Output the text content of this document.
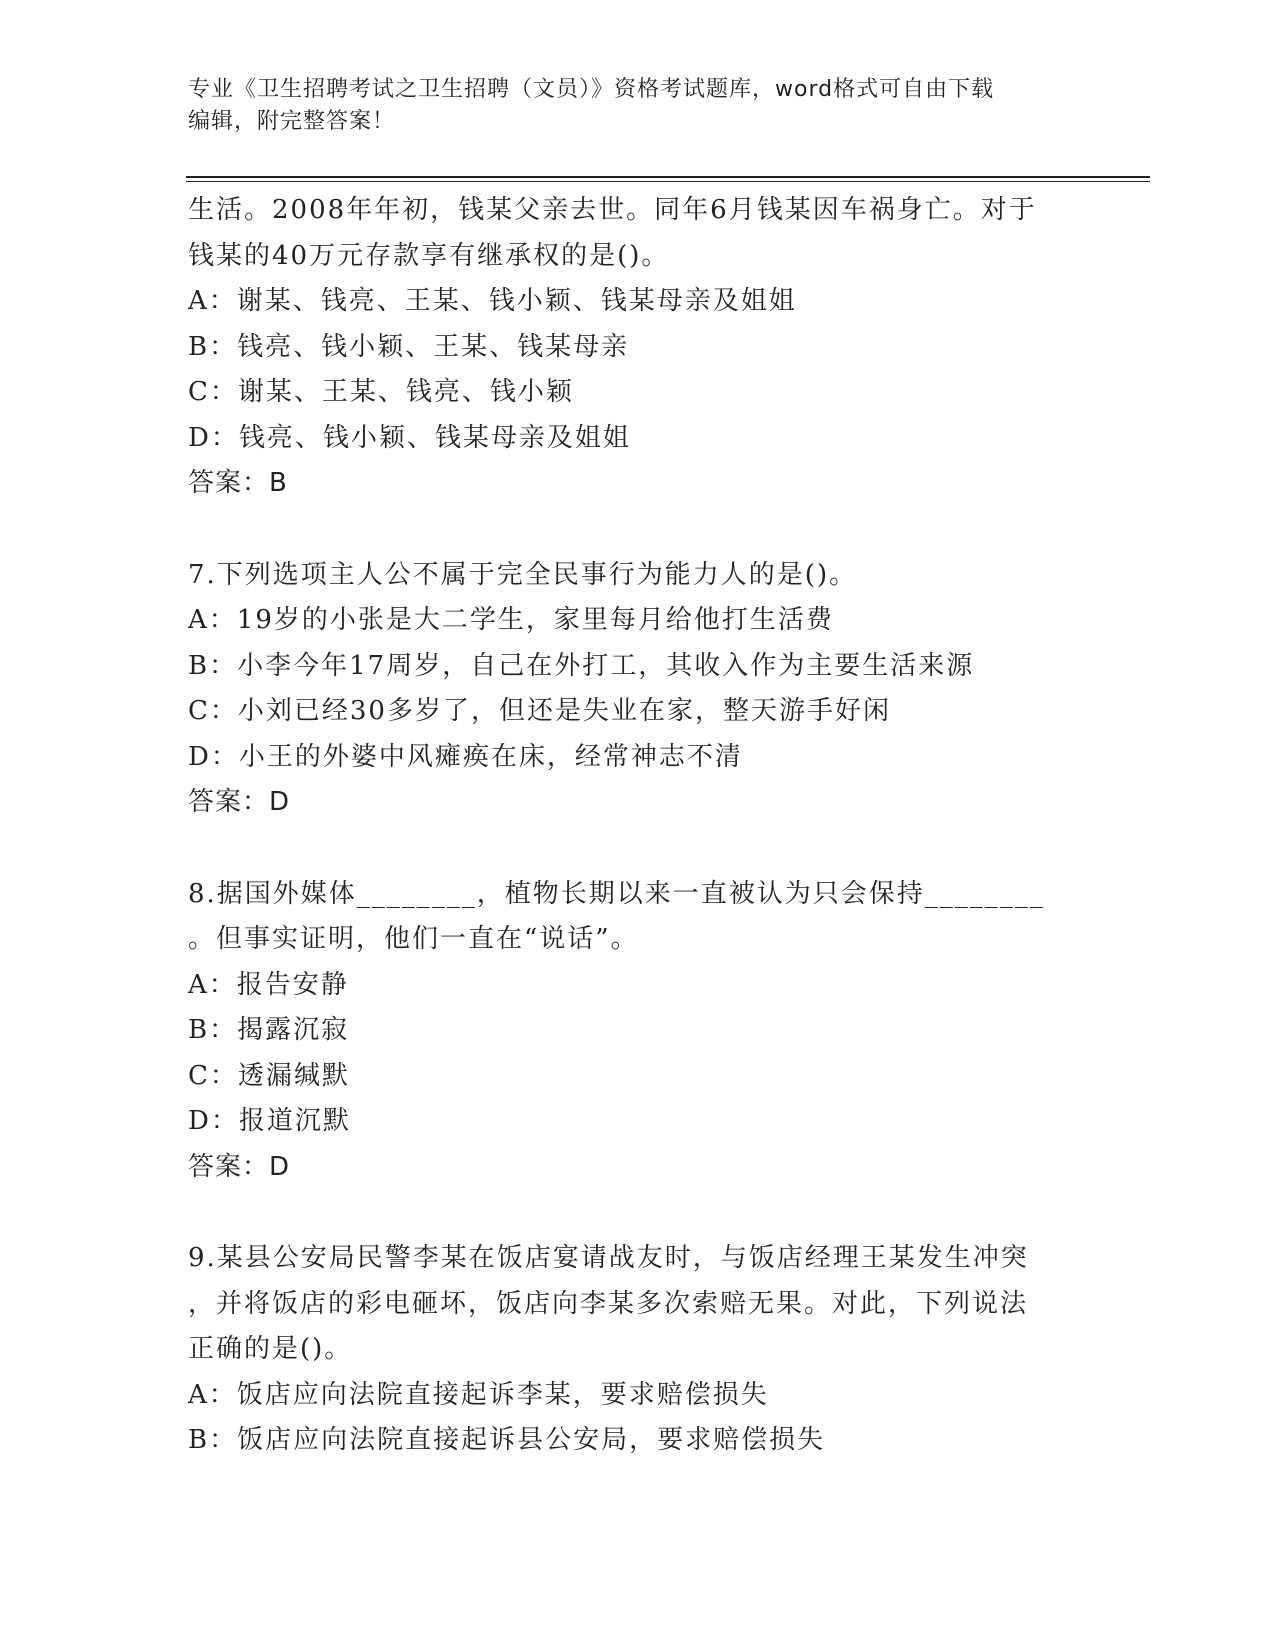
专业《卫生招聘考试之卫生招聘（文员）》资格考试题库，word格式可自由下载
编辑，附完整答案！
生活。2008年年初，钱某父亲去世。同年6月钱某因车祸身亡。对于
钱某的40万元存款享有继承权的是()。
A：谢某、钱亮、王某、钱小颖、钱某母亲及姐姐
B：钱亮、钱小颖、王某、钱某母亲
C：谢某、王某、钱亮、钱小颖
D：钱亮、钱小颖、钱某母亲及姐姐
答案：B
7.下列选项主人公不属于完全民事行为能力人的是()。
A：19岁的小张是大二学生，家里每月给他打生活费
B：小李今年17周岁，自己在外打工，其收入作为主要生活来源
C：小刘已经30多岁了，但还是失业在家，整天游手好闲
D：小王的外婆中风瘫痪在床，经常神志不清
答案：D
8.据国外媒体________，植物长期以来一直被认为只会保持________
。但事实证明，他们一直在“说话”。
A：报告安静
B：揭露沉寂
C：透漏缄默
D：报道沉默
答案：D
9.某县公安局民警李某在饭店宴请战友时，与饭店经理王某发生冲突
，并将饭店的彩电砸坏，饭店向李某多次索赔无果。对此，下列说法
正确的是()。
A：饭店应向法院直接起诉李某，要求赔偿损失
B：饭店应向法院直接起诉县公安局，要求赔偿损失
